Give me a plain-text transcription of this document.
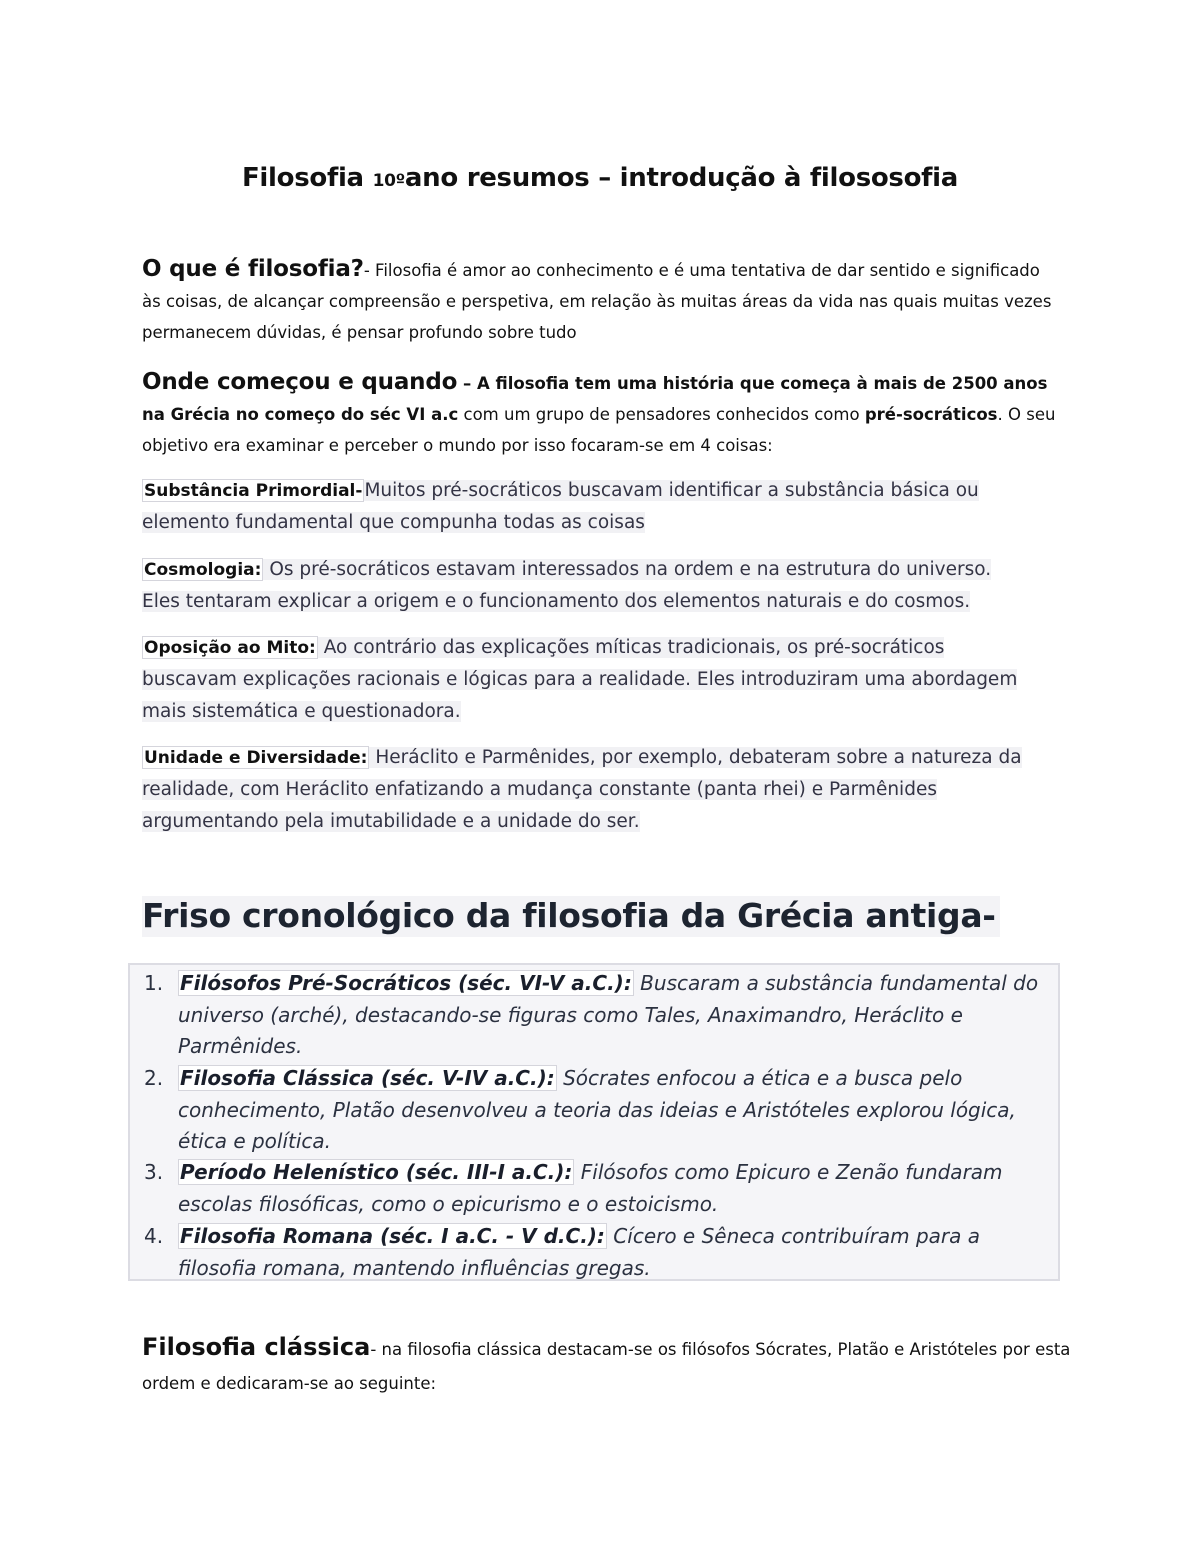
Filosofia 10ºano resumos – introdução à filososofia
O que é filosofia?- Filosofia é amor ao conhecimento e é uma tentativa de dar sentido e significado às coisas, de alcançar compreensão e perspetiva, em relação às muitas áreas da vida nas quais muitas vezes permanecem dúvidas, é pensar profundo sobre tudo
Onde começou e quando – A filosofia tem uma história que começa à mais de 2500 anos na Grécia no começo do séc VI a.c com um grupo de pensadores conhecidos como pré-socráticos. O seu objetivo era examinar e perceber o mundo por isso focaram-se em 4 coisas:
Substância Primordial- Muitos pré-socráticos buscavam identificar a substância básica ou elemento fundamental que compunha todas as coisas
Cosmologia: Os pré-socráticos estavam interessados na ordem e na estrutura do universo. Eles tentaram explicar a origem e o funcionamento dos elementos naturais e do cosmos.
Oposição ao Mito: Ao contrário das explicações míticas tradicionais, os pré-socráticos buscavam explicações racionais e lógicas para a realidade. Eles introduziram uma abordagem mais sistemática e questionadora.
Unidade e Diversidade: Heráclito e Parmênides, por exemplo, debateram sobre a natureza da realidade, com Heráclito enfatizando a mudança constante (panta rhei) e Parmênides argumentando pela imutabilidade e a unidade do ser.
Friso cronológico da filosofia da Grécia antiga-
1. Filósofos Pré-Socráticos (séc. VI-V a.C.): Buscaram a substância fundamental do universo (arché), destacando-se figuras como Tales, Anaximandro, Heráclito e Parmênides.
2. Filosofia Clássica (séc. V-IV a.C.): Sócrates enfocou a ética e a busca pelo conhecimento, Platão desenvolveu a teoria das ideias e Aristóteles explorou lógica, ética e política.
3. Período Helenístico (séc. III-I a.C.): Filósofos como Epicuro e Zenão fundaram escolas filosóficas, como o epicurismo e o estoicismo.
4. Filosofia Romana (séc. I a.C. - V d.C.): Cícero e Sêneca contribuíram para a filosofia romana, mantendo influências gregas.
Filosofia clássica- na filosofia clássica destacam-se os filósofos Sócrates, Platão e Aristóteles por esta ordem e dedicaram-se ao seguinte:
